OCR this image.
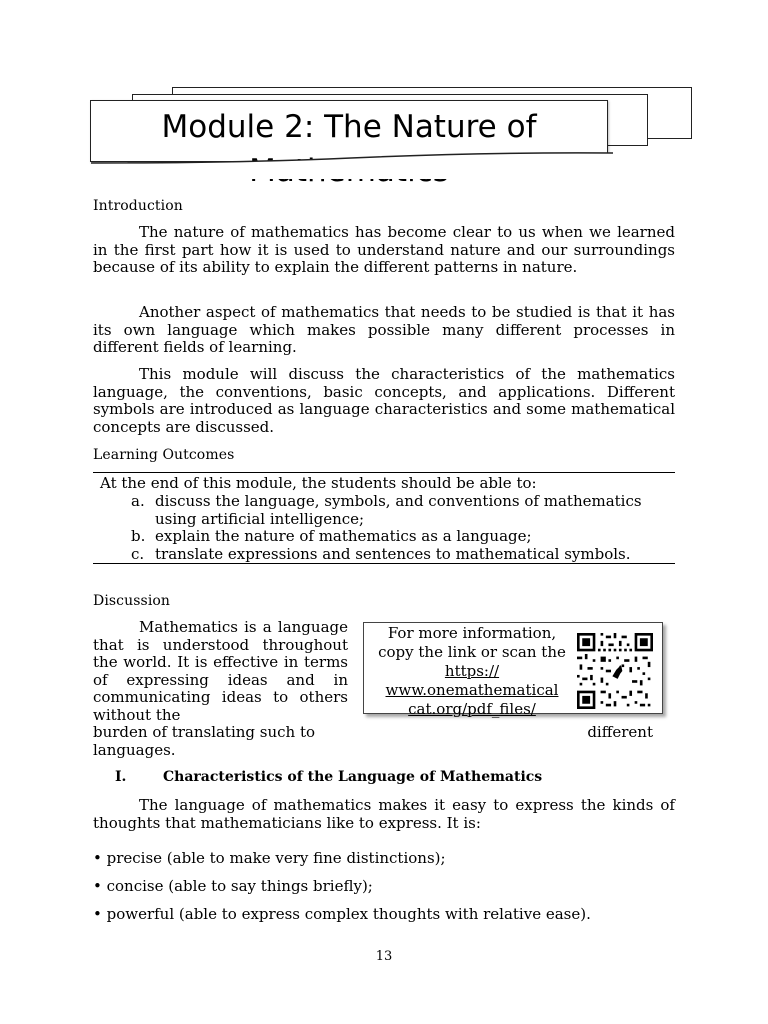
Module 2: The Nature of
Introduction
The nature of mathematics has become clear to us when we learned in the first part how it is used to understand nature and our surroundings because of its ability to explain the different patterns in nature.
Another aspect of mathematics that needs to be studied is that it has its own language which makes possible many different processes in different fields of learning.
This module will discuss the characteristics of the mathematics language, the conventions, basic concepts, and applications. Different symbols are introduced as language characteristics and some mathematical concepts are discussed.
Learning Outcomes
At the end of this module, the students should be able to:
a. discuss the language, symbols, and conventions of mathematics using artificial intelligence;
b. explain the nature of mathematics as a language;
c. translate expressions and sentences to mathematical symbols.
Discussion
Mathematics is a language that is understood throughout the world. It is effective in terms of expressing ideas and in communicating ideas to others without the
burden of translating such to	different
languages.
For more information,
copy the link or scan the
https://
www.onemathematical
cat.org/pdf_files/
I.	Characteristics of the Language of Mathematics
The language of mathematics makes it easy to express the kinds of thoughts that mathematicians like to express. It is:
• precise (able to make very fine distinctions);
• concise (able to say things briefly);
• powerful (able to express complex thoughts with relative ease).
13
